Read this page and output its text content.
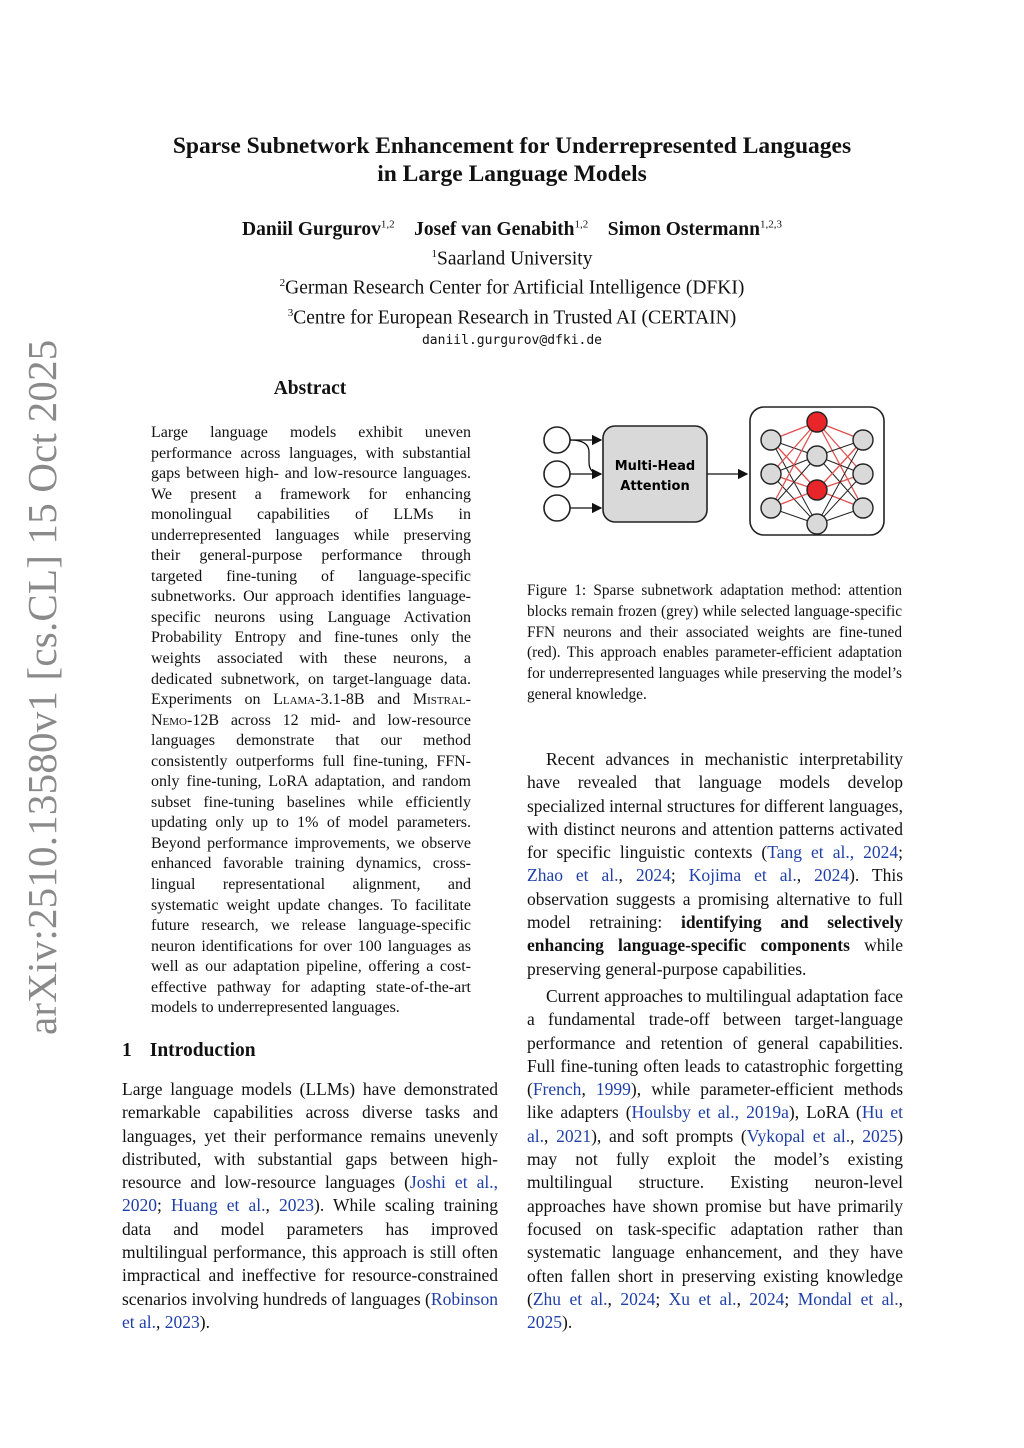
arXiv:2510.13580v1 [cs.CL] 15 Oct 2025
Sparse Subnetwork Enhancement for Underrepresented Languages
in Large Language Models
Daniil Gurgurov$^{1,2}$ Josef van Genabith$^{1,2}$ Simon Ostermann$^{1,2,3}$
$^1$Saarland University
$^2$German Research Center for Artificial Intelligence (DFKI)
$^3$Centre for European Research in Trusted AI (CERTAIN)
daniil.gurgurov@dfki.de
Abstract
Large language models exhibit uneven performance across languages, with substantial gaps between high- and low-resource languages. We present a framework for enhancing monolingual capabilities of LLMs in underrepresented languages while preserving their general-purpose performance through targeted fine-tuning of language-specific subnetworks. Our approach identifies language-specific neurons using Language Activation Probability Entropy and fine-tunes only the weights associated with these neurons, a dedicated subnetwork, on target-language data. Experiments on Llama-3.1-8B and Mistral-Nemo-12B across 12 mid- and low-resource languages demonstrate that our method consistently outperforms full fine-tuning, FFN-only fine-tuning, LoRA adaptation, and random subset fine-tuning baselines while efficiently updating only up to 1% of model parameters. Beyond performance improvements, we observe enhanced favorable training dynamics, cross-lingual representational alignment, and systematic weight update changes. To facilitate future research, we release language-specific neuron identifications for over 100 languages as well as our adaptation pipeline, offering a cost-effective pathway for adapting state-of-the-art models to underrepresented languages.
1 Introduction

Large language models (LLMs) have demonstrated remarkable capabilities across diverse tasks and languages, yet their performance remains unevenly distributed, with substantial gaps between high-resource and low-resource languages (Joshi et al., 2020; Huang et al., 2023). While scaling training data and model parameters has improved multilingual performance, this approach is still often impractical and ineffective for resource-constrained scenarios involving hundreds of languages (Robinson et al., 2023).

Multi-Head
Attention
Figure 1: Sparse subnetwork adaptation method: attention blocks remain frozen (grey) while selected language-specific FFN neurons and their associated weights are fine-tuned (red). This approach enables parameter-efficient adaptation for underrepresented languages while preserving the model’s general knowledge.

Recent advances in mechanistic interpretability have revealed that language models develop specialized internal structures for different languages, with distinct neurons and attention patterns activated for specific linguistic contexts (Tang et al., 2024; Zhao et al., 2024; Kojima et al., 2024). This observation suggests a promising alternative to full model retraining: identifying and selectively enhancing language-specific components while preserving general-purpose capabilities.

Current approaches to multilingual adaptation face a fundamental trade-off between target-language performance and retention of general capabilities. Full fine-tuning often leads to catastrophic forgetting (French, 1999), while parameter-efficient methods like adapters (Houlsby et al., 2019a), LoRA (Hu et al., 2021), and soft prompts (Vykopal et al., 2025) may not fully exploit the model’s existing multilingual structure. Existing neuron-level approaches have shown promise but have primarily focused on task-specific adaptation rather than systematic language enhancement, and they have often fallen short in preserving existing knowledge (Zhu et al., 2024; Xu et al., 2024; Mondal et al., 2025).
